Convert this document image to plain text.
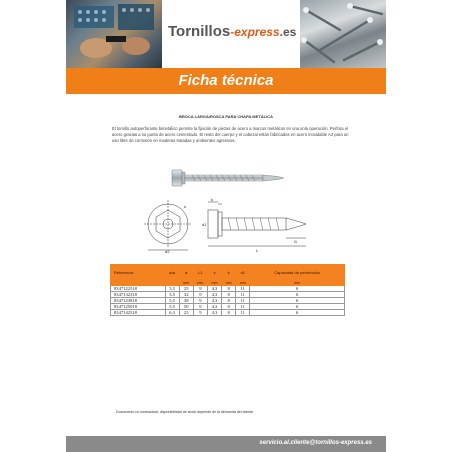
Tornillos-express.es
Ficha técnica
BROCA LARGA/ROSCA PARA CHAPA METÁLICA
El tornillo autoperforante bimetálico permite la fijación de piezas de acero a marcos metálicos en una sola operación. Perfora el acero gracias a su punta de acero cementado. El resto del cuerpo y el cabezal están fabricados en acero inoxidable A2 para un uso libre de corrosión en maderas tratadas y ambientes agresivos.
d2
s
k
d1
L
l1
Referencia	ø/ø	ø	L1	s	k	d1	Capacidad de perforación
		mm	mm	mm	mm	mm	mm
8347122518	5,5	25	9	4,3	8	11	6
8347132318	5,5	32	9	4,3	8	11	6
8347123818	5,5	38	9	4,3	8	11	6
8347125018	5,5	50	9	4,3	8	11	6
8347142518	6,3	25	9	4,3	8	11	6
Documento no contractual, disponibilidad de stock depende de la demanda del cliente.
servicio.al.cliente@tornillos-express.es
